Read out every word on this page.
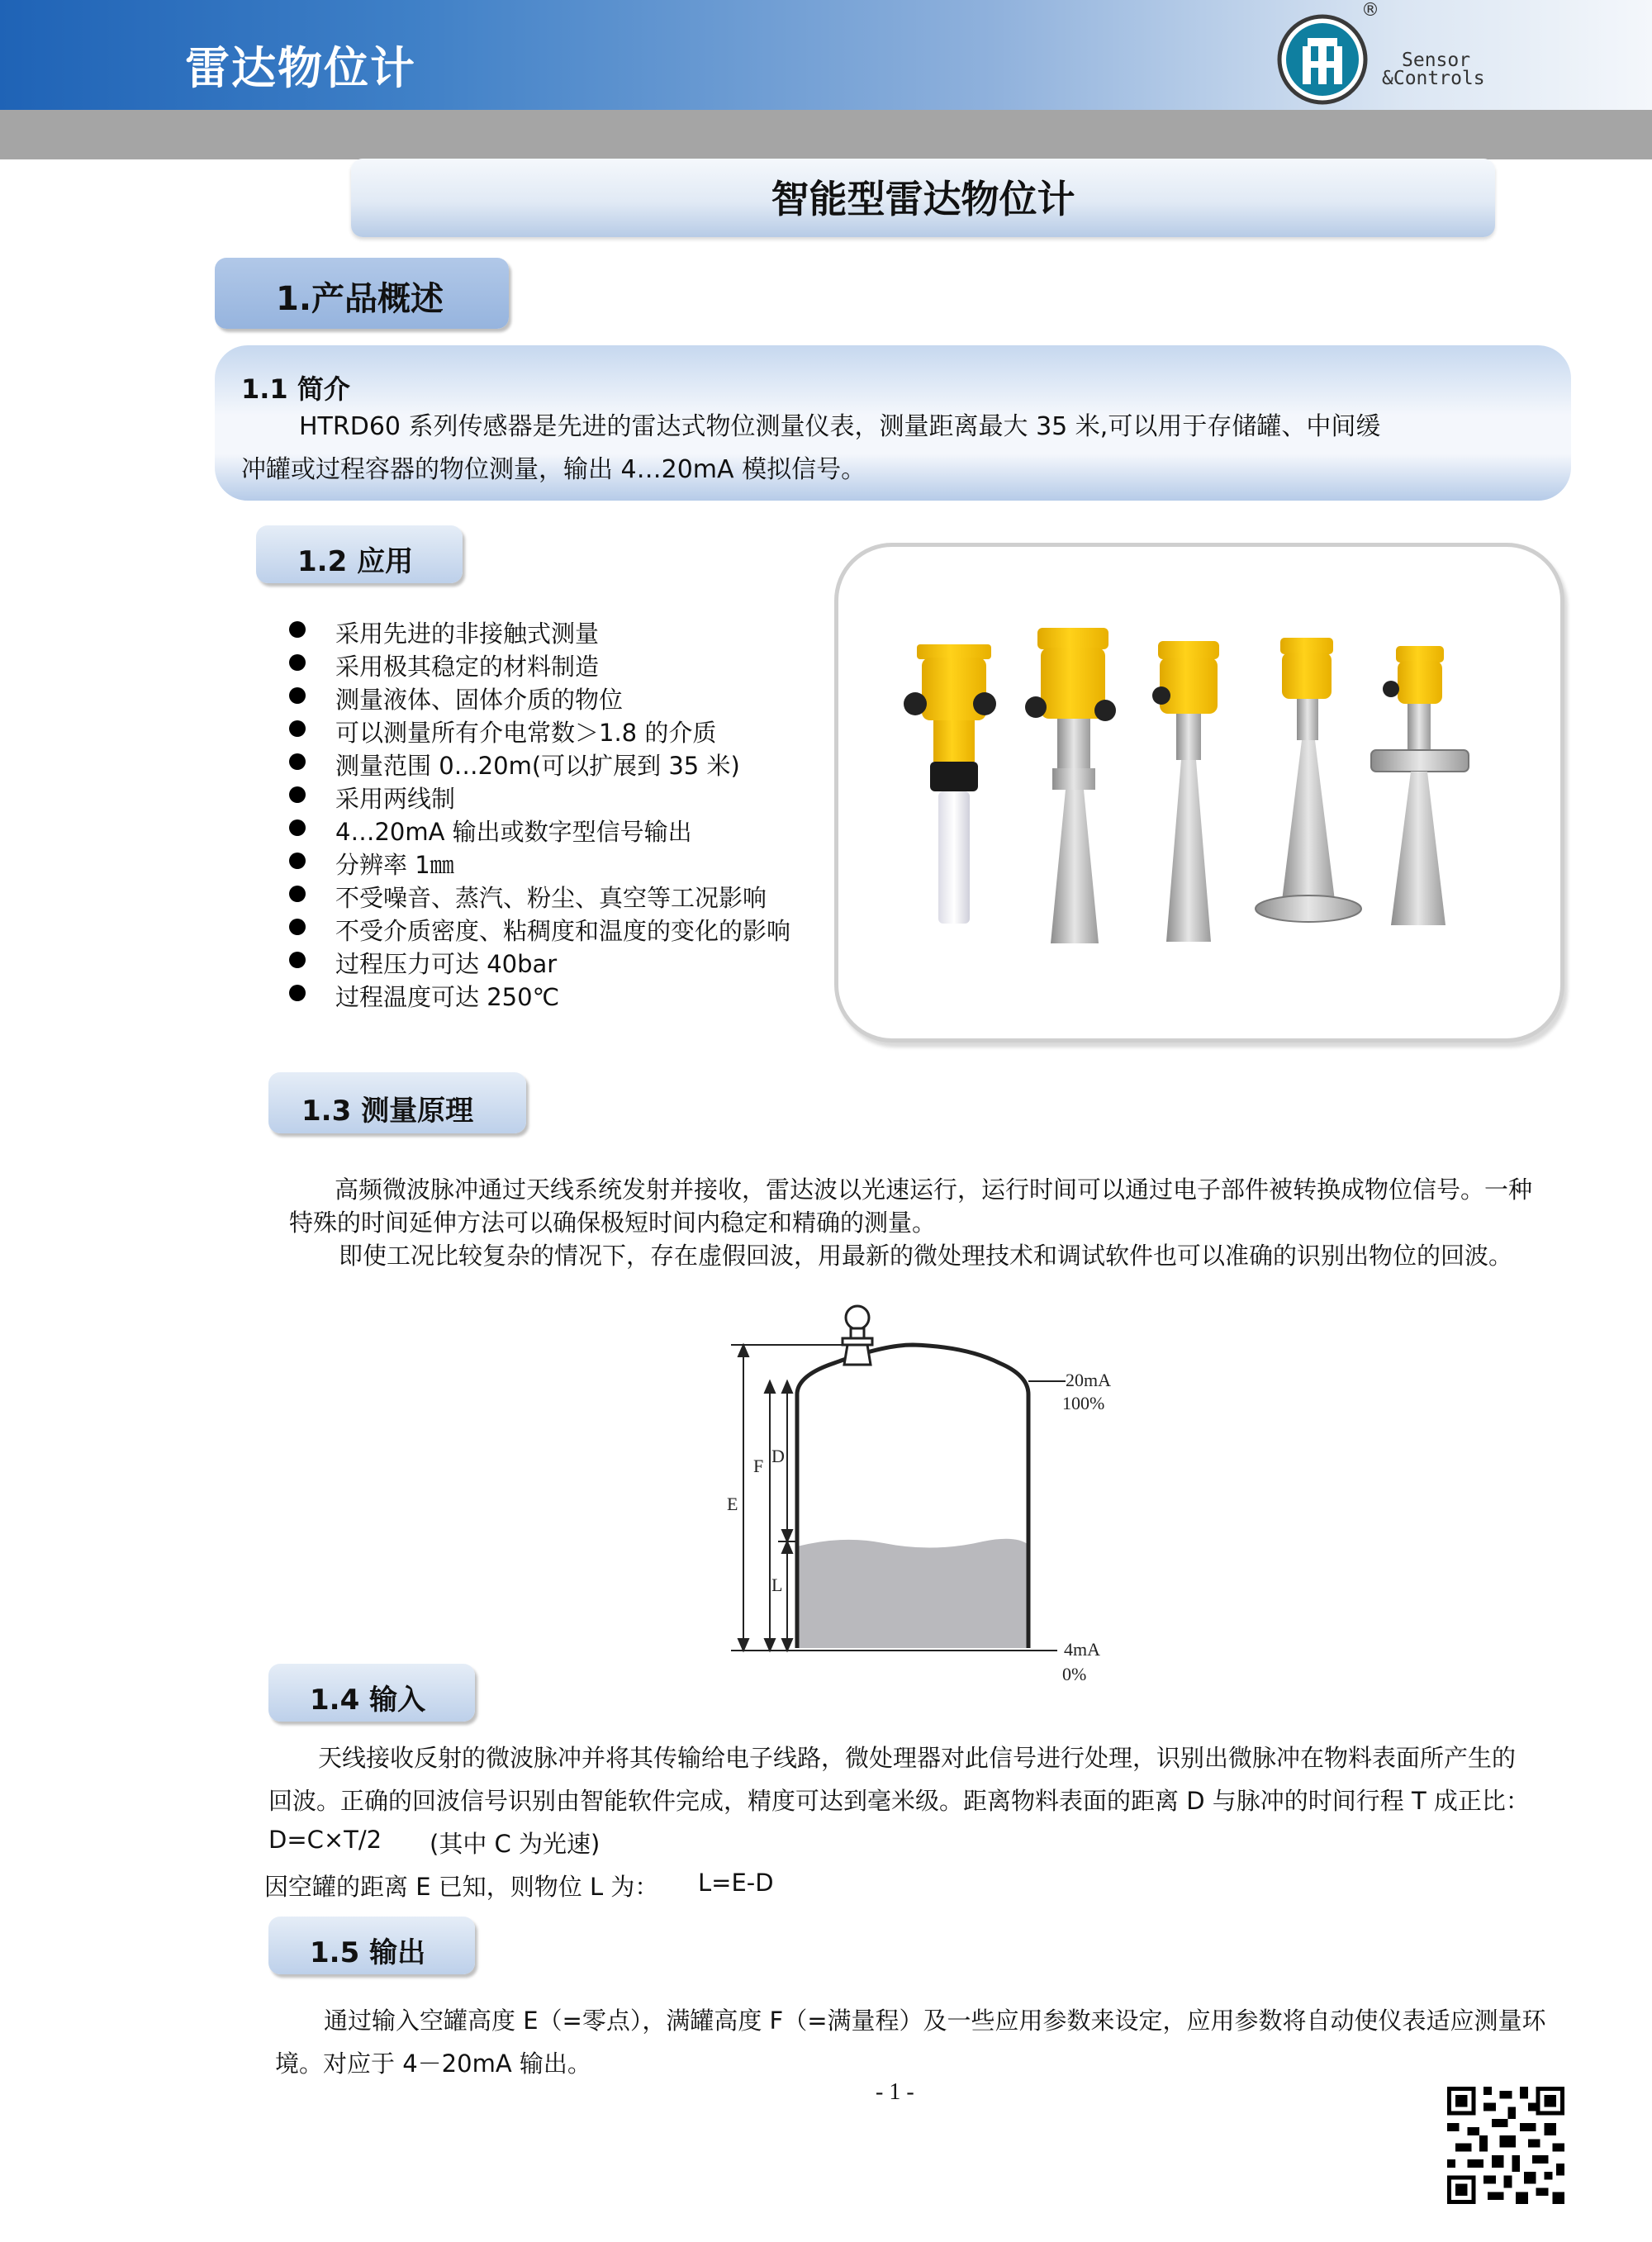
雷达物位计
®
Sensor
&Controls
智能型雷达物位计
1.产品概述
1.1 简介
HTRD60 系列传感器是先进的雷达式物位测量仪表，测量距离最大 35 米,可以用于存储罐、中间缓
冲罐或过程容器的物位测量，输出 4…20mA 模拟信号。
1.2 应用
采用先进的非接触式测量
采用极其稳定的材料制造
测量液体、固体介质的物位
可以测量所有介电常数＞1.8 的介质
测量范围 0…20m(可以扩展到 35 米)
采用两线制
4…20mA 输出或数字型信号输出
分辨率 1㎜
不受噪音、蒸汽、粉尘、真空等工况影响
不受介质密度、粘稠度和温度的变化的影响
过程压力可达 40bar
过程温度可达 250℃
1.3 测量原理
高频微波脉冲通过天线系统发射并接收，雷达波以光速运行，运行时间可以通过电子部件被转换成物位信号。一种
特殊的时间延伸方法可以确保极短时间内稳定和精确的测量。
即使工况比较复杂的情况下，存在虚假回波，用最新的微处理技术和调试软件也可以准确的识别出物位的回波。
E
F D
L
20mA
100%
4mA
0%
1.4 输入
天线接收反射的微波脉冲并将其传输给电子线路，微处理器对此信号进行处理，识别出微脉冲在物料表面所产生的
回波。正确的回波信号识别由智能软件完成，精度可达到毫米级。距离物料表面的距离 D 与脉冲的时间行程 T 成正比：
D=C×T/2 (其中 C 为光速)
因空罐的距离 E 已知，则物位 L 为： L=E-D
1.5 输出
通过输入空罐高度 E（=零点），满罐高度 F（=满量程）及一些应用参数来设定，应用参数将自动使仪表适应测量环
境。对应于 4－20mA 输出。
- 1 -
